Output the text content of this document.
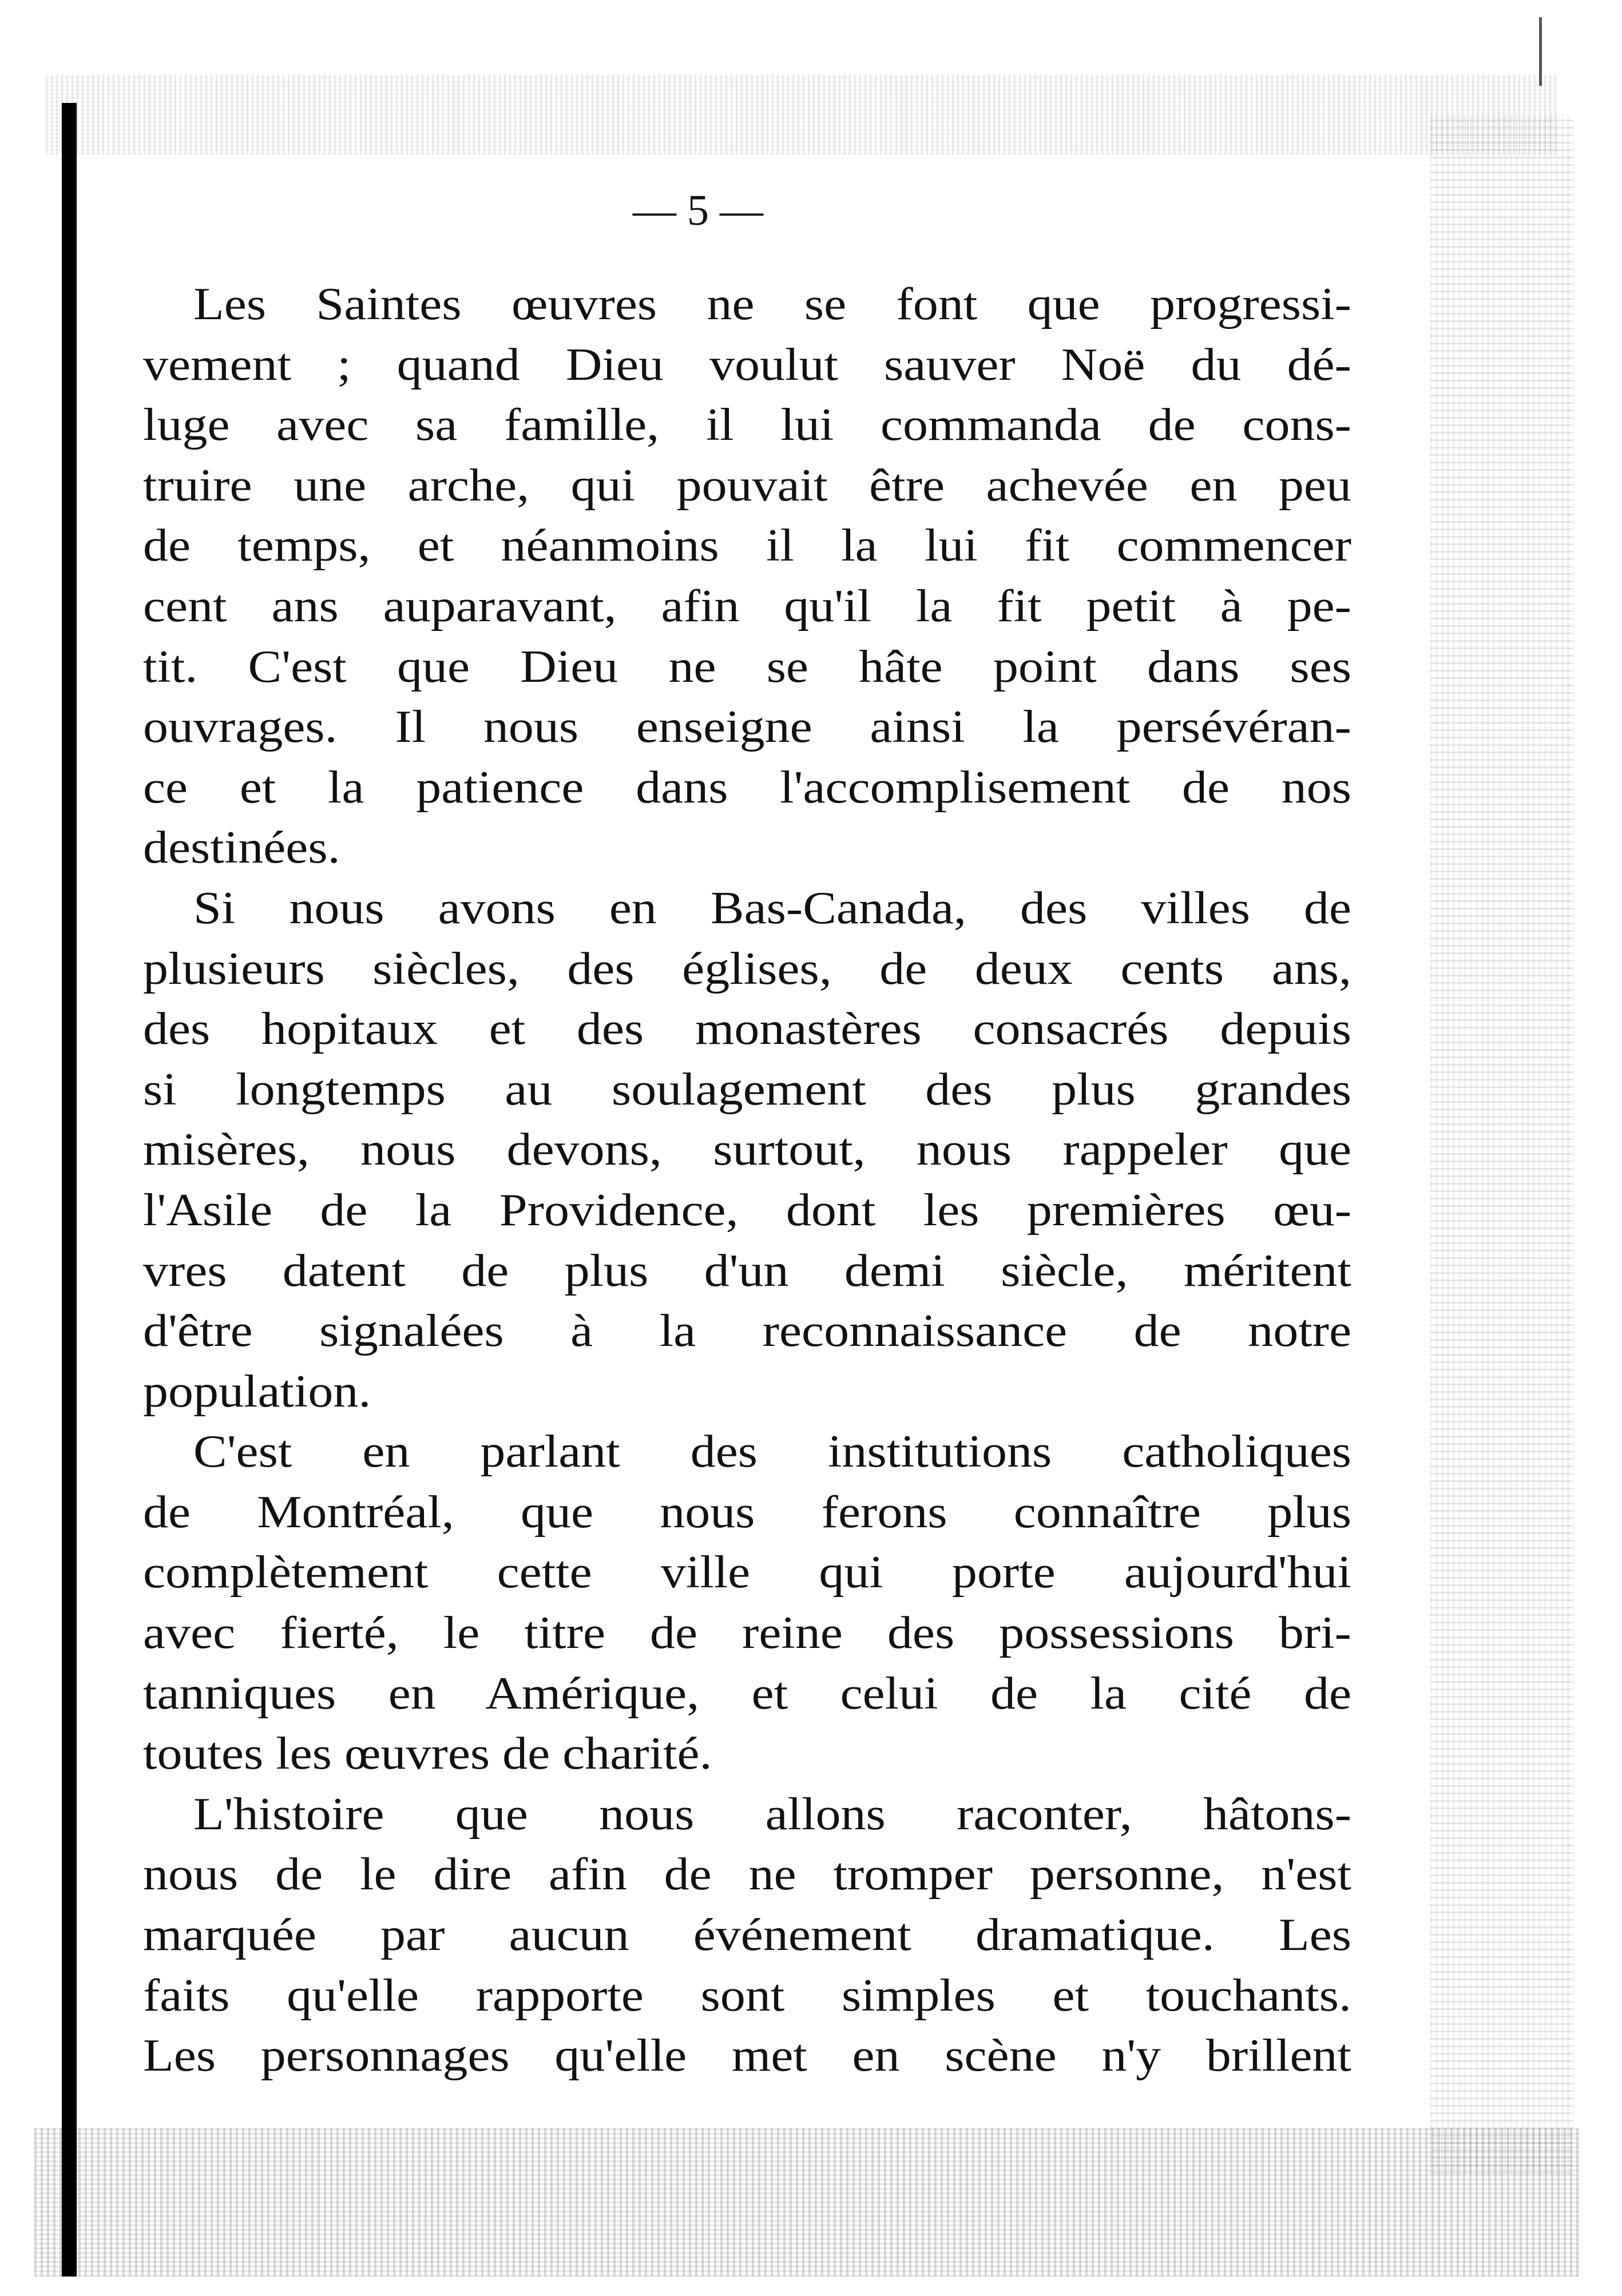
— 5 —
Les Saintes œuvres ne se font que progressi-
vement ; quand Dieu voulut sauver Noë du dé-
luge avec sa famille, il lui commanda de cons-
truire une arche, qui pouvait être achevée en peu
de temps, et néanmoins il la lui fit commencer
cent ans auparavant, afin qu'il la fit petit à pe-
tit. C'est que Dieu ne se hâte point dans ses
ouvrages. Il nous enseigne ainsi la persévéran-
ce et la patience dans l'accomplisement de nos
destinées.
Si nous avons en Bas-Canada, des villes de
plusieurs siècles, des églises, de deux cents ans,
des hopitaux et des monastères consacrés depuis
si longtemps au soulagement des plus grandes
misères, nous devons, surtout, nous rappeler que
l'Asile de la Providence, dont les premières œu-
vres datent de plus d'un demi siècle, méritent
d'être signalées à la reconnaissance de notre
population.
C'est en parlant des institutions catholiques
de Montréal, que nous ferons connaître plus
complètement cette ville qui porte aujourd'hui
avec fierté, le titre de reine des possessions bri-
tanniques en Amérique, et celui de la cité de
toutes les œuvres de charité.
L'histoire que nous allons raconter, hâtons-
nous de le dire afin de ne tromper personne, n'est
marquée par aucun événement dramatique. Les
faits qu'elle rapporte sont simples et touchants.
Les personnages qu'elle met en scène n'y brillent
